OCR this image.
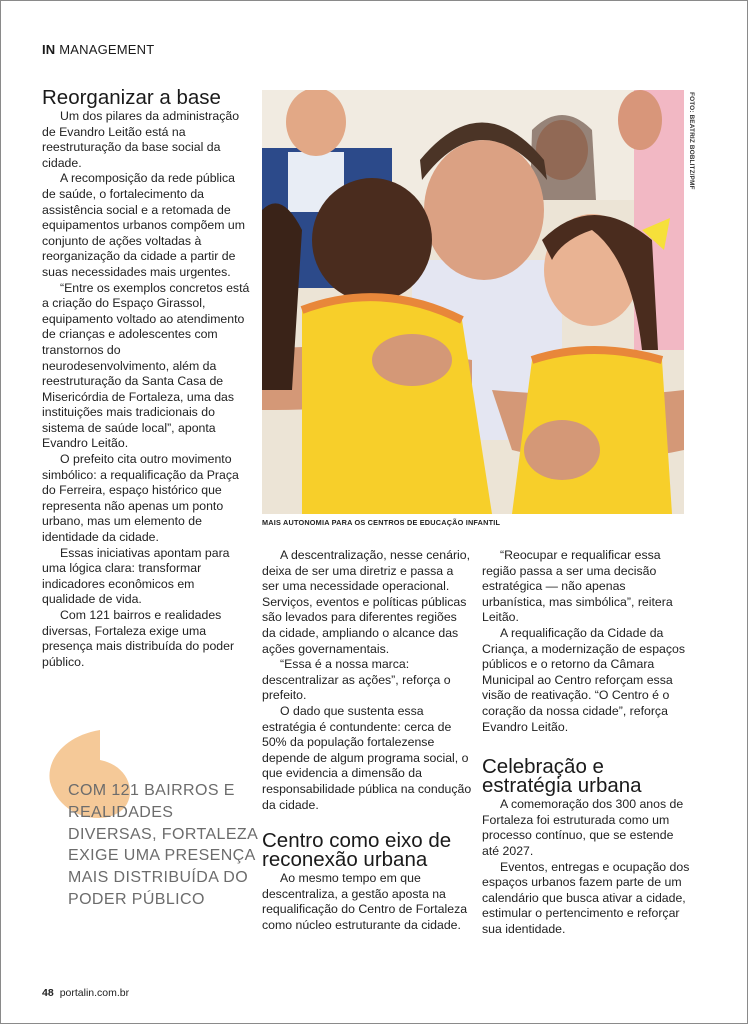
IN MANAGEMENT
Reorganizar a base

Um dos pilares da administração de Evandro Leitão está na reestruturação da base social da cidade.

A recomposição da rede pública de saúde, o fortalecimento da assistência social e a retomada de equipamentos urbanos compõem um conjunto de ações voltadas à reorganização da cidade a partir de suas necessidades mais urgentes.

“Entre os exemplos concretos está a criação do Espaço Girassol, equipamento voltado ao atendimento de crianças e adolescentes com transtornos do neurodesenvolvimento, além da reestruturação da Santa Casa de Misericórdia de Fortaleza, uma das instituições mais tradicionais do sistema de saúde local”, aponta Evandro Leitão.

O prefeito cita outro movimento simbólico: a requalificação da Praça do Ferreira, espaço histórico que representa não apenas um ponto urbano, mas um elemento de identidade da cidade.

Essas iniciativas apontam para uma lógica clara: transformar indicadores econômicos em qualidade de vida.

Com 121 bairros e realidades diversas, Fortaleza exige uma presença mais distribuída do poder público.

COM 121 BAIRROS E REALIDADES DIVERSAS, FORTALEZA EXIGE UMA PRESENÇA MAIS DISTRIBUÍDA DO PODER PÚBLICO
FOTO: BEATRIZ BOBLITZ/PMF
MAIS AUTONOMIA PARA OS CENTROS DE EDUCAÇÃO INFANTIL

A descentralização, nesse cenário, deixa de ser uma diretriz e passa a ser uma necessidade operacional. Serviços, eventos e políticas públicas são levados para diferentes regiões da cidade, ampliando o alcance das ações governamentais.

“Essa é a nossa marca: descentralizar as ações”, reforça o prefeito.

O dado que sustenta essa estratégia é contundente: cerca de 50% da população fortalezense depende de algum programa social, o que evidencia a dimensão da responsabilidade pública na condução da cidade.

Centro como eixo de reconexão urbana

Ao mesmo tempo em que descentraliza, a gestão aposta na requalificação do Centro de Fortaleza como núcleo estruturante da cidade.

“Reocupar e requalificar essa região passa a ser uma decisão estratégica — não apenas urbanística, mas simbólica”, reitera Leitão.

A requalificação da Cidade da Criança, a modernização de espaços públicos e o retorno da Câmara Municipal ao Centro reforçam essa visão de reativação. “O Centro é o coração da nossa cidade”, reforça Evandro Leitão.

Celebração e estratégia urbana

A comemoração dos 300 anos de Fortaleza foi estruturada como um processo contínuo, que se estende até 2027.

Eventos, entregas e ocupação dos espaços urbanos fazem parte de um calendário que busca ativar a cidade, estimular o pertencimento e reforçar sua identidade.

48 portalin.com.br
